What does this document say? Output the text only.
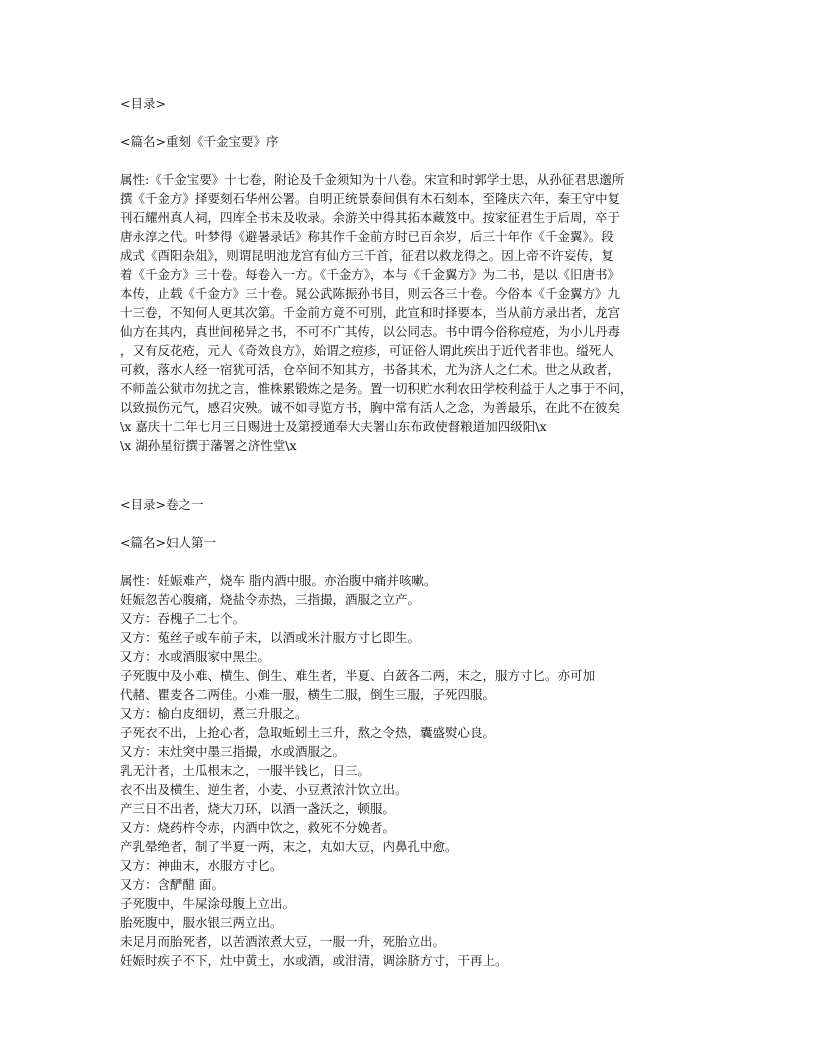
<目录>
<篇名>重刻《千金宝要》序
属性:《千金宝要》十七卷，附论及千金须知为十八卷。宋宣和时郭学士思，从孙征君思邈所
撰《千金方》择要刻石华州公署。自明正统景泰间俱有木石刻本，至隆庆六年，秦王守中复
刊石耀州真人祠，四库全书未及收录。余游关中得其拓本藏笈中。按家征君生于后周，卒于
唐永淳之代。叶梦得《避暑录话》称其作千金前方时已百余岁，后三十年作《千金翼》。段
成式《酉阳杂俎》，则谓昆明池龙宫有仙方三千首，征君以救龙得之。因上帝不许妄传，复
着《千金方》三十卷。每卷入一方。《千金方》，本与《千金翼方》为二书，是以《旧唐书》
本传，止载《千金方》三十卷。晁公武陈振孙书目，则云各三十卷。今俗本《千金翼方》九
十三卷，不知何人更其次第。千金前方竟不可別，此宣和时择要本，当从前方录出者，龙宫
仙方在其内，真世间秘异之书，不可不广其传，以公同志。书中谓今俗称痘疮，为小儿丹毒
，又有反花疮，元人《奇效良方》，始谓之痘疹，可证俗人谓此疾出于近代者非也。缢死人
可救，落水人经一宿犹可活，仓卒间不知其方，书备其术，尤为济人之仁术。世之从政者，
不师盖公狱市勿扰之言，惟株累锻炼之是务。置一切积贮水利农田学校利益于人之事于不问，
以致损伤元气，感召灾殃。诚不如寻览方书，胸中常有活人之念，为善最乐，在此不在彼矣
\x 嘉庆十二年七月三日赐进士及第授通奉大夫署山东布政使督粮道加四级阳\x
\x 湖孙星衍撰于藩署之济性堂\x
<目录>卷之一
<篇名>妇人第一
属性：妊娠难产，烧车 脂内酒中服。亦治腹中痛并咳嗽。
妊娠忽苦心腹痛，烧盐令赤热，三指撮，酒服之立产。
又方：吞槐子二七个。
又方：菟丝子或车前子末，以酒或米汁服方寸匕即生。
又方：水或酒服家中黑尘。
子死腹中及小难、横生、倒生、难生者，半夏、白蔹各二两，末之，服方寸匕。亦可加
代赭、瞿麦各二两佳。小难一服，横生二服，倒生三服，子死四服。
又方：榆白皮细切，煮三升服之。
子死衣不出，上抢心者，急取蚯蚓土三升，熬之令热，囊盛熨心良。
又方：末灶突中墨三指撮，水或酒服之。
乳无汁者，土瓜根末之，一服半钱匕，日三。
衣不出及横生、逆生者，小麦、小豆煮浓汁饮立出。
产三日不出者，烧大刀环，以酒一盏沃之，顿服。
又方：烧药杵令赤，内酒中饮之，救死不分娩者。
产乳晕绝者，制了半夏一两，末之，丸如大豆，内鼻孔中愈。
又方：神曲末，水服方寸匕。
又方：含酽醋 面。
子死腹中，牛屎涂母腹上立出。
胎死腹中，服水银三两立出。
未足月而胎死者，以苦酒浓煮大豆，一服一升，死胎立出。
妊娠时疾子不下，灶中黄土，水或酒，或泔清，调涂脐方寸，干再上。
